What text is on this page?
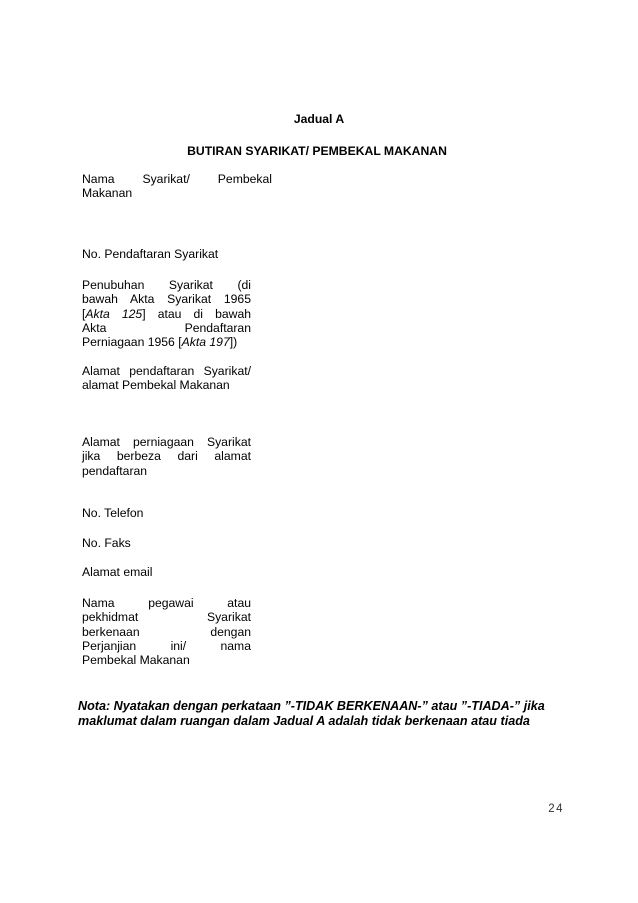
Jadual A
BUTIRAN SYARIKAT/ PEMBEKAL MAKANAN
Nama Syarikat/ Pembekal
Makanan
No. Pendaftaran Syarikat
Penubuhan Syarikat (di
bawah Akta Syarikat 1965
[Akta 125] atau di bawah
Akta Pendaftaran
Perniagaan 1956 [Akta 197])
Alamat pendaftaran Syarikat/
alamat Pembekal Makanan
Alamat perniagaan Syarikat
jika berbeza dari alamat
pendaftaran
No. Telefon
No. Faks
Alamat email
Nama pegawai atau
pekhidmat Syarikat
berkenaan dengan
Perjanjian ini/ nama
Pembekal Makanan
Nota: Nyatakan dengan perkataan ”-TIDAK BERKENAAN-” atau ”-TIADA-” jika
maklumat dalam ruangan dalam Jadual A adalah tidak berkenaan atau tiada
24
